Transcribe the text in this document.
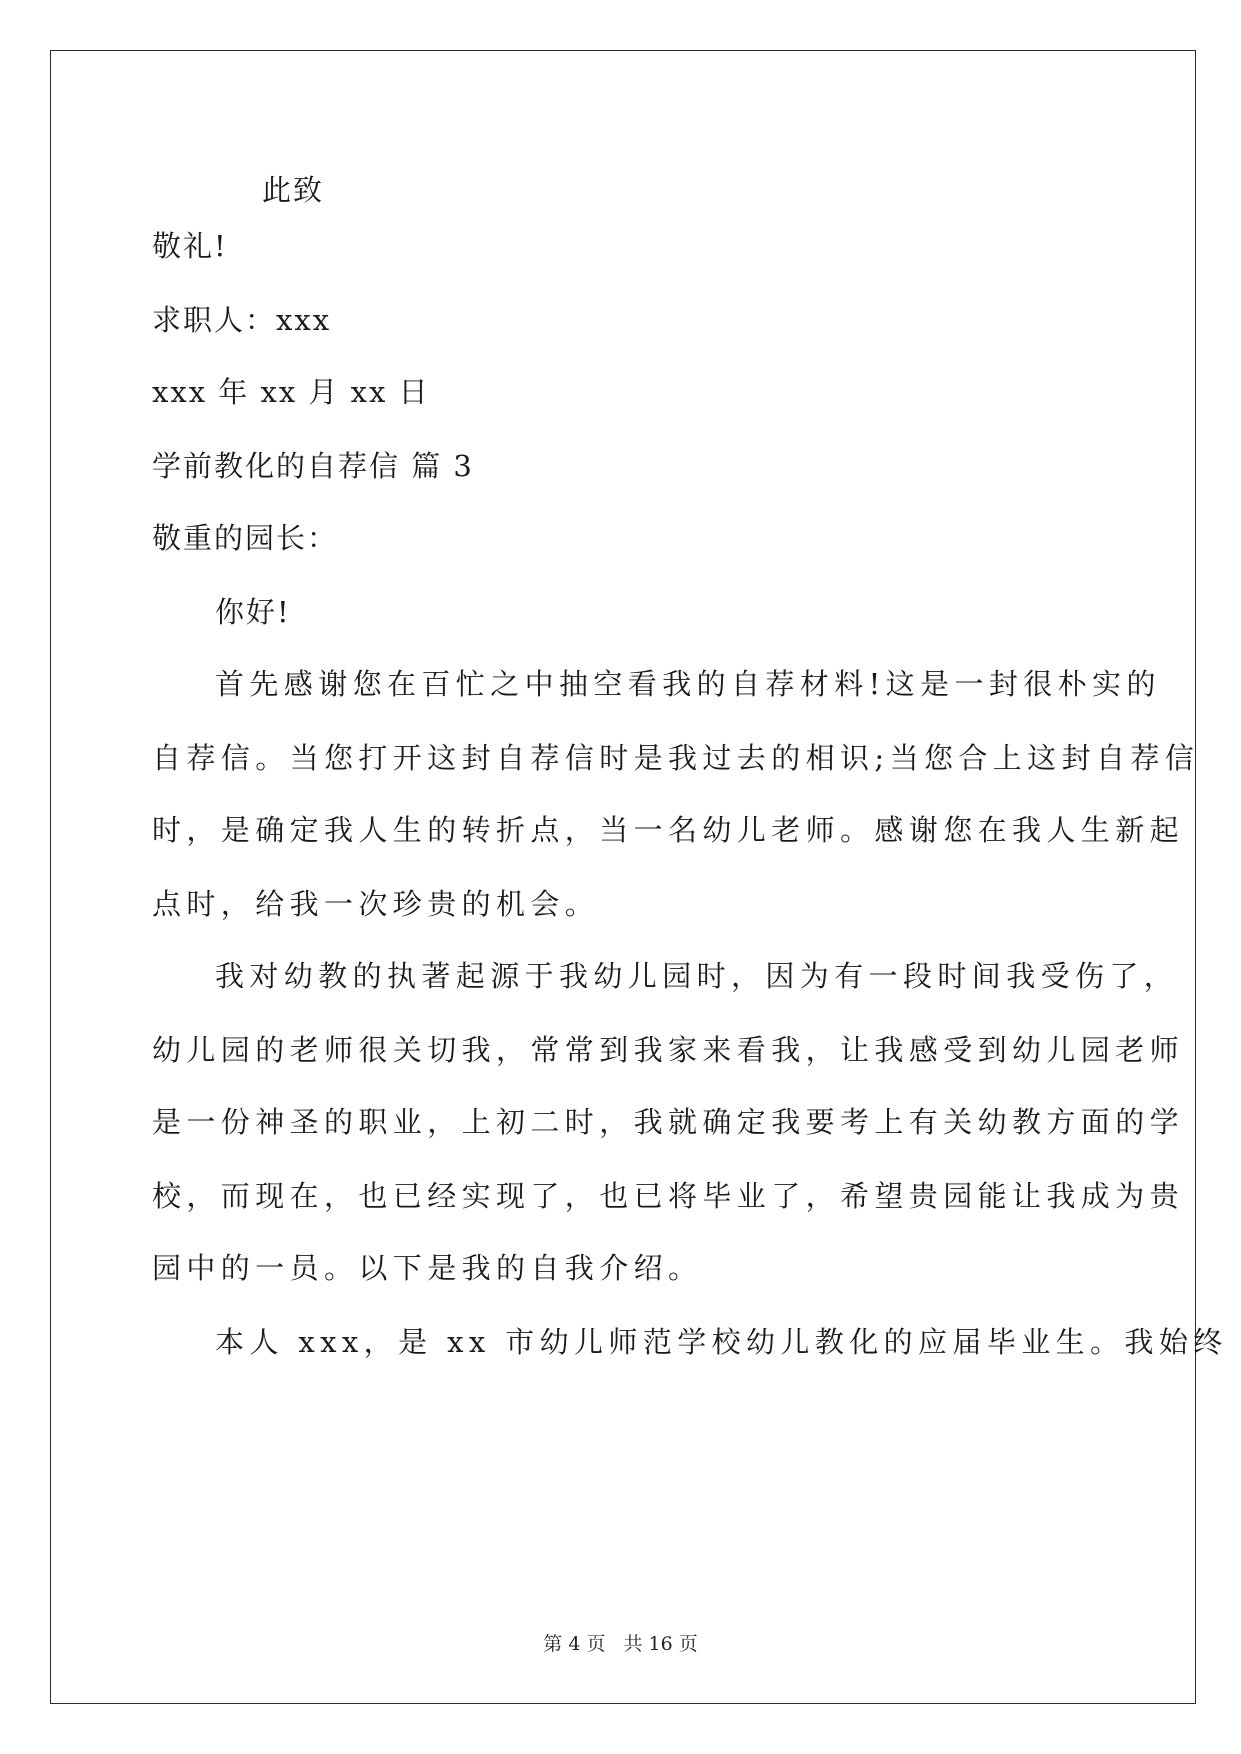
此致
敬礼!
求职人：xxx
xxx 年 xx 月 xx 日
学前教化的自荐信 篇 3
敬重的园长：
你好!
首先感谢您在百忙之中抽空看我的自荐材料!这是一封很朴实的
自荐信。当您打开这封自荐信时是我过去的相识;当您合上这封自荐信
时，是确定我人生的转折点，当一名幼儿老师。感谢您在我人生新起
点时，给我一次珍贵的机会。
我对幼教的执著起源于我幼儿园时，因为有一段时间我受伤了，
幼儿园的老师很关切我，常常到我家来看我，让我感受到幼儿园老师
是一份神圣的职业，上初二时，我就确定我要考上有关幼教方面的学
校，而现在，也已经实现了，也已将毕业了，希望贵园能让我成为贵
园中的一员。以下是我的自我介绍。
本人 xxx，是 xx 市幼儿师范学校幼儿教化的应届毕业生。我始终
第 4 页 共 16 页
